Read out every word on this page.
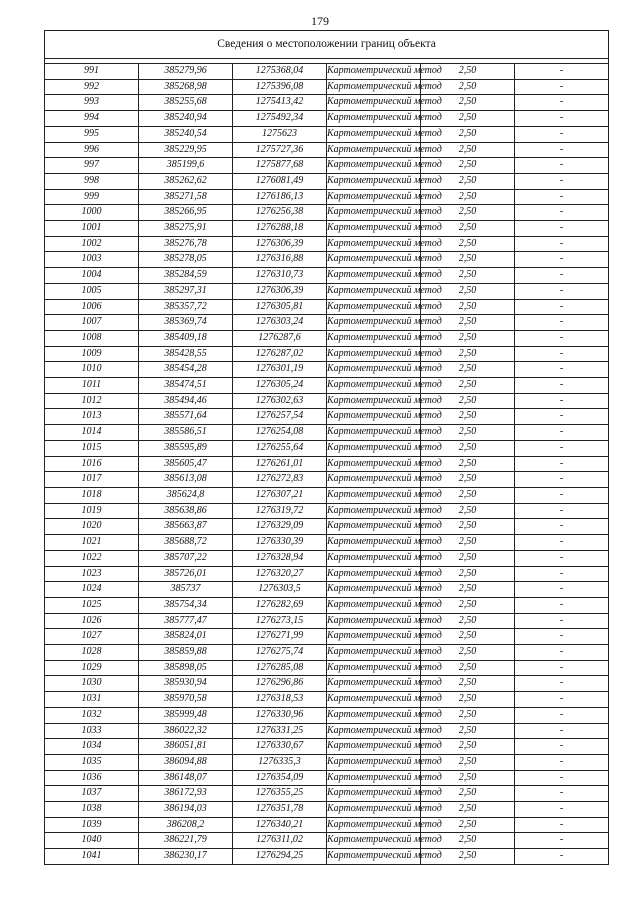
179
Сведения о местоположении границ объекта					

991	385279,96	1275368,04	Картометрический метод	2,50	-
992	385268,98	1275396,08	Картометрический метод	2,50	-
993	385255,68	1275413,42	Картометрический метод	2,50	-
994	385240,94	1275492,34	Картометрический метод	2,50	-
995	385240,54	1275623	Картометрический метод	2,50	-
996	385229,95	1275727,36	Картометрический метод	2,50	-
997	385199,6	1275877,68	Картометрический метод	2,50	-
998	385262,62	1276081,49	Картометрический метод	2,50	-
999	385271,58	1276186,13	Картометрический метод	2,50	-
1000	385266,95	1276256,38	Картометрический метод	2,50	-
1001	385275,91	1276288,18	Картометрический метод	2,50	-
1002	385276,78	1276306,39	Картометрический метод	2,50	-
1003	385278,05	1276316,88	Картометрический метод	2,50	-
1004	385284,59	1276310,73	Картометрический метод	2,50	-
1005	385297,31	1276306,39	Картометрический метод	2,50	-
1006	385357,72	1276305,81	Картометрический метод	2,50	-
1007	385369,74	1276303,24	Картометрический метод	2,50	-
1008	385409,18	1276287,6	Картометрический метод	2,50	-
1009	385428,55	1276287,02	Картометрический метод	2,50	-
1010	385454,28	1276301,19	Картометрический метод	2,50	-
1011	385474,51	1276305,24	Картометрический метод	2,50	-
1012	385494,46	1276302,63	Картометрический метод	2,50	-
1013	385571,64	1276257,54	Картометрический метод	2,50	-
1014	385586,51	1276254,08	Картометрический метод	2,50	-
1015	385595,89	1276255,64	Картометрический метод	2,50	-
1016	385605,47	1276261,01	Картометрический метод	2,50	-
1017	385613,08	1276272,83	Картометрический метод	2,50	-
1018	385624,8	1276307,21	Картометрический метод	2,50	-
1019	385638,86	1276319,72	Картометрический метод	2,50	-
1020	385663,87	1276329,09	Картометрический метод	2,50	-
1021	385688,72	1276330,39	Картометрический метод	2,50	-
1022	385707,22	1276328,94	Картометрический метод	2,50	-
1023	385726,01	1276320,27	Картометрический метод	2,50	-
1024	385737	1276303,5	Картометрический метод	2,50	-
1025	385754,34	1276282,69	Картометрический метод	2,50	-
1026	385777,47	1276273,15	Картометрический метод	2,50	-
1027	385824,01	1276271,99	Картометрический метод	2,50	-
1028	385859,88	1276275,74	Картометрический метод	2,50	-
1029	385898,05	1276285,08	Картометрический метод	2,50	-
1030	385930,94	1276296,86	Картометрический метод	2,50	-
1031	385970,58	1276318,53	Картометрический метод	2,50	-
1032	385999,48	1276330,96	Картометрический метод	2,50	-
1033	386022,32	1276331,25	Картометрический метод	2,50	-
1034	386051,81	1276330,67	Картометрический метод	2,50	-
1035	386094,88	1276335,3	Картометрический метод	2,50	-
1036	386148,07	1276354,09	Картометрический метод	2,50	-
1037	386172,93	1276355,25	Картометрический метод	2,50	-
1038	386194,03	1276351,78	Картометрический метод	2,50	-
1039	386208,2	1276340,21	Картометрический метод	2,50	-
1040	386221,79	1276311,02	Картометрический метод	2,50	-
1041	386230,17	1276294,25	Картометрический метод	2,50	-
